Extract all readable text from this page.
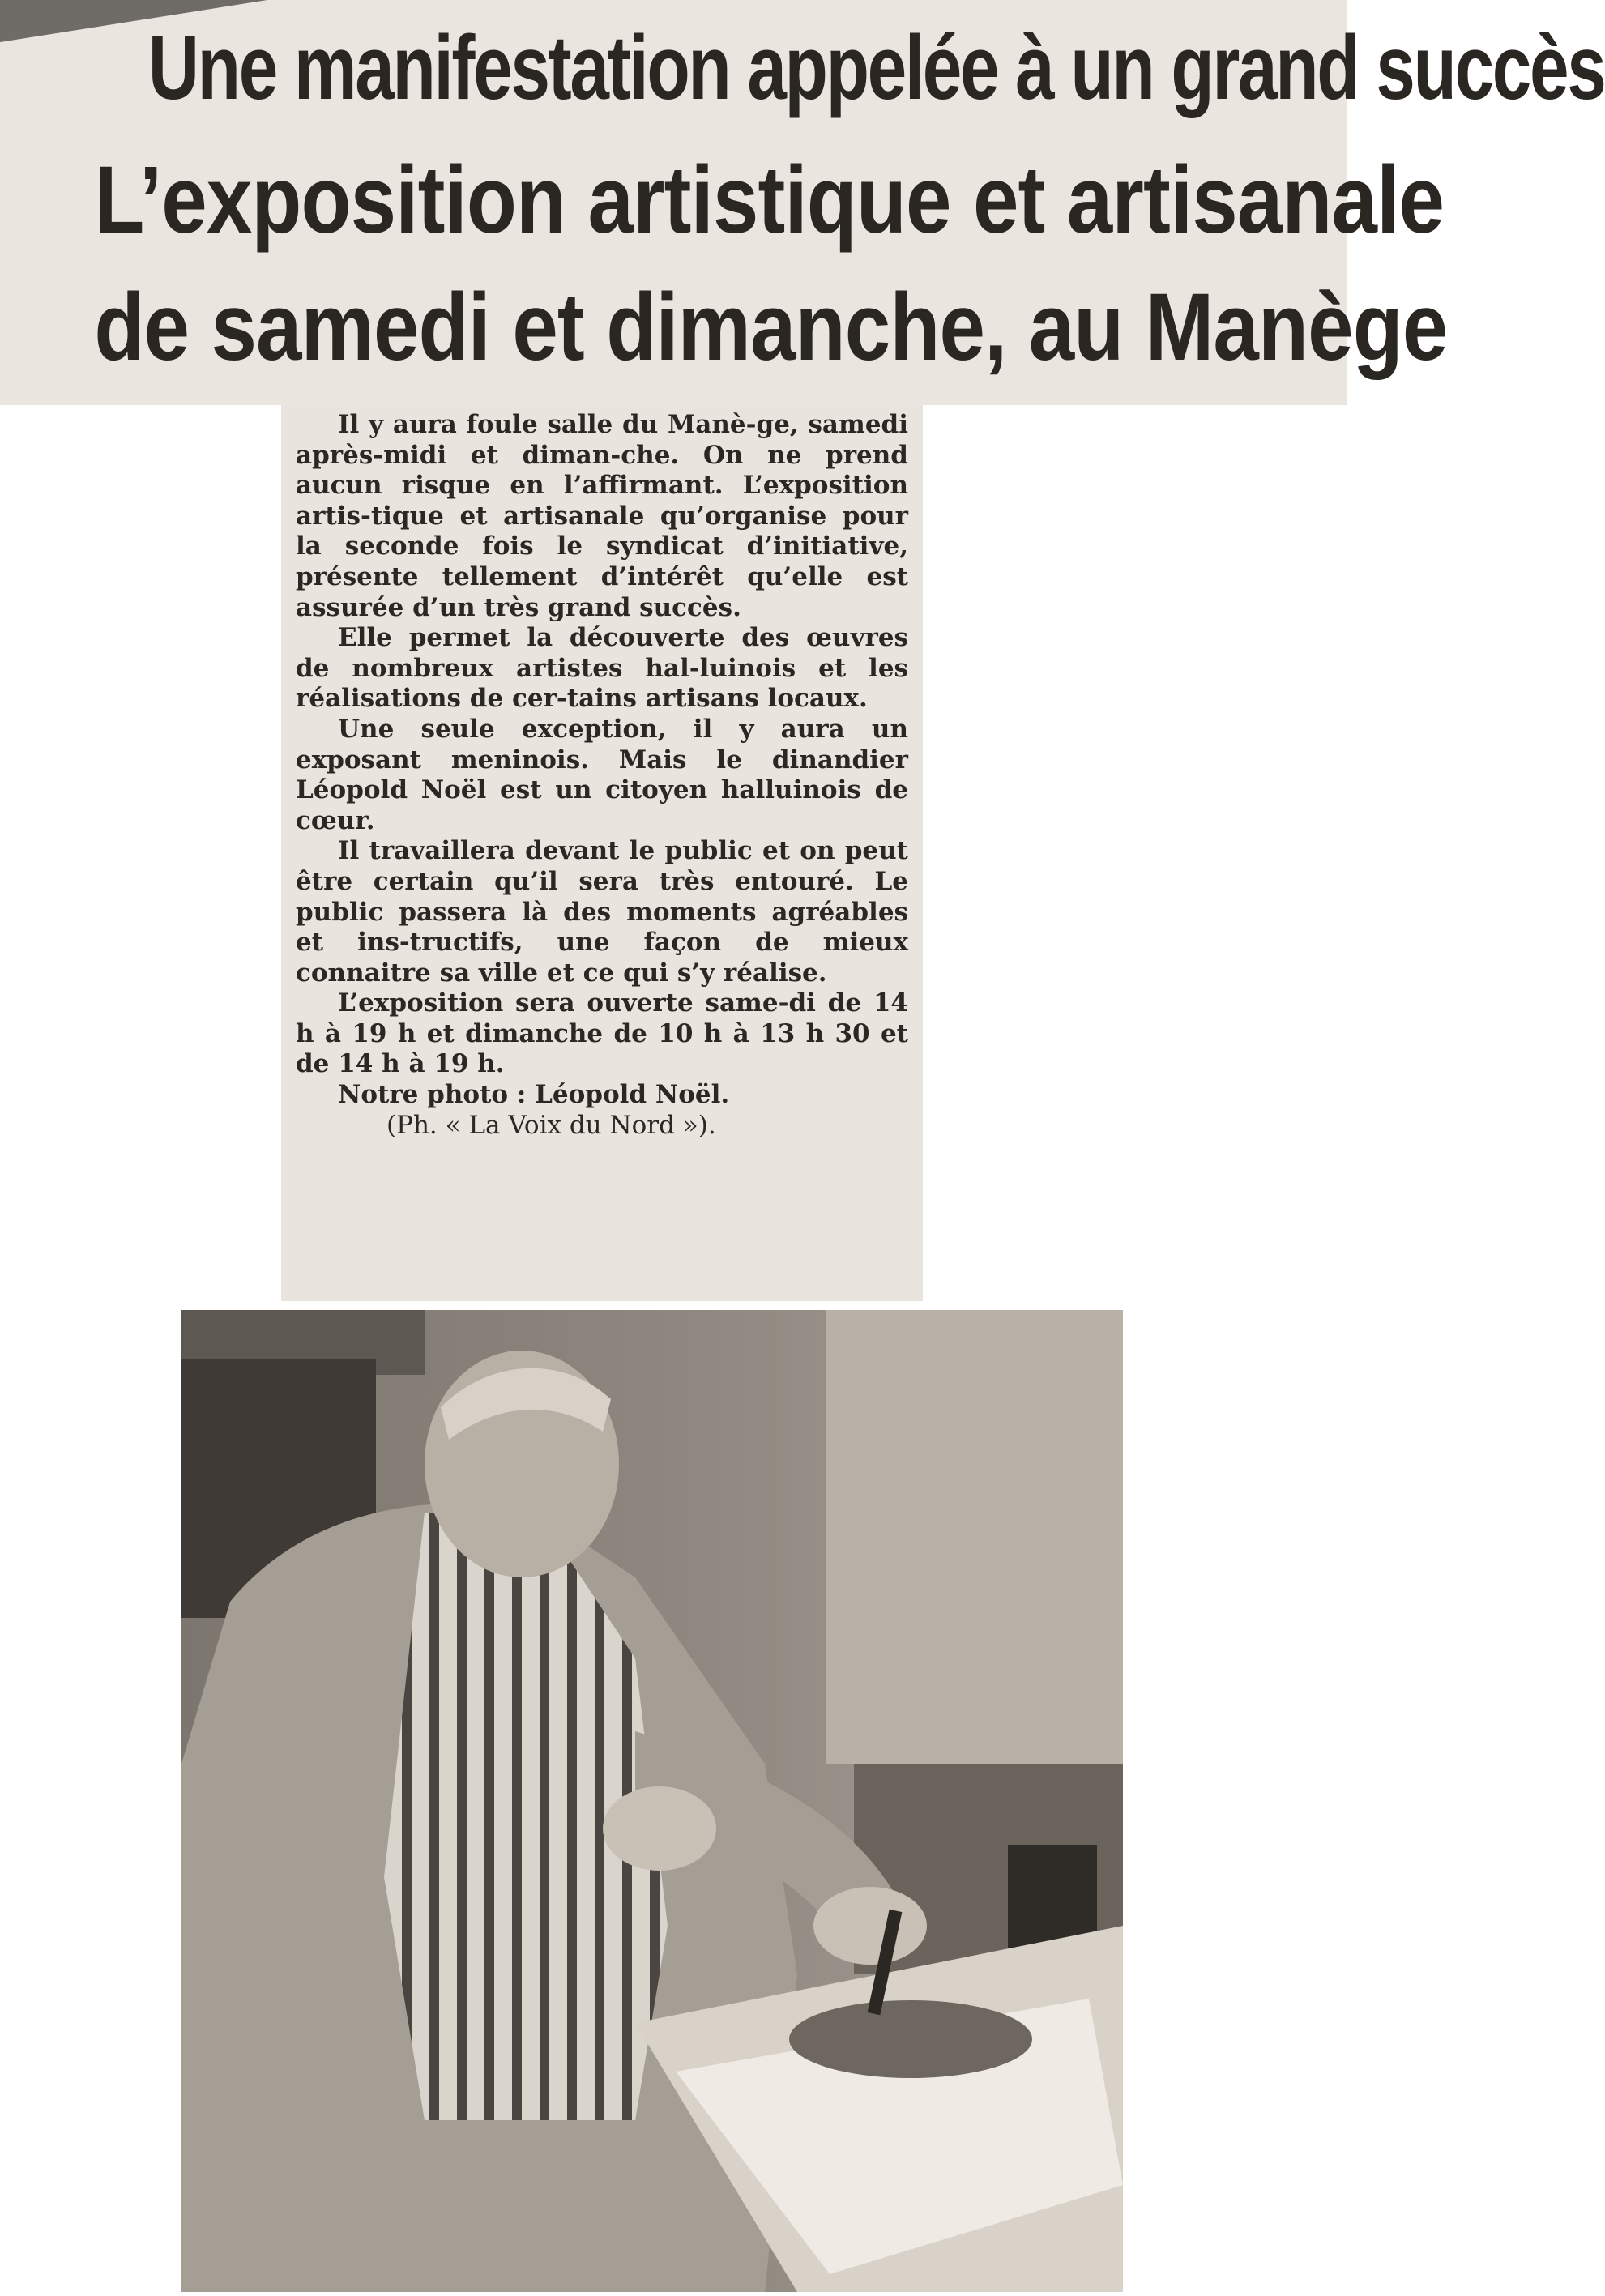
Une manifestation appelée à un grand succès
L’exposition artistique et artisanale
de samedi et dimanche, au Manège

Il y aura foule salle du Manè-ge, samedi après-midi et diman-che. On ne prend aucun risque en l’affirmant. L’exposition artis-tique et artisanale qu’organise pour la seconde fois le syndicat d’initiative, présente tellement d’intérêt qu’elle est assurée d’un très grand succès.

Elle permet la découverte des œuvres de nombreux artistes hal-luinois et les réalisations de cer-tains artisans locaux.

Une seule exception, il y aura un exposant meninois. Mais le dinandier Léopold Noël est un citoyen halluinois de cœur.

Il travaillera devant le public et on peut être certain qu’il sera très entouré. Le public passera là des moments agréables et ins-tructifs, une façon de mieux connaitre sa ville et ce qui s’y réalise.

L’exposition sera ouverte same-di de 14 h à 19 h et dimanche de 10 h à 13 h 30 et de 14 h à 19 h.

Notre photo : Léopold Noël.

(Ph. « La Voix du Nord »).
